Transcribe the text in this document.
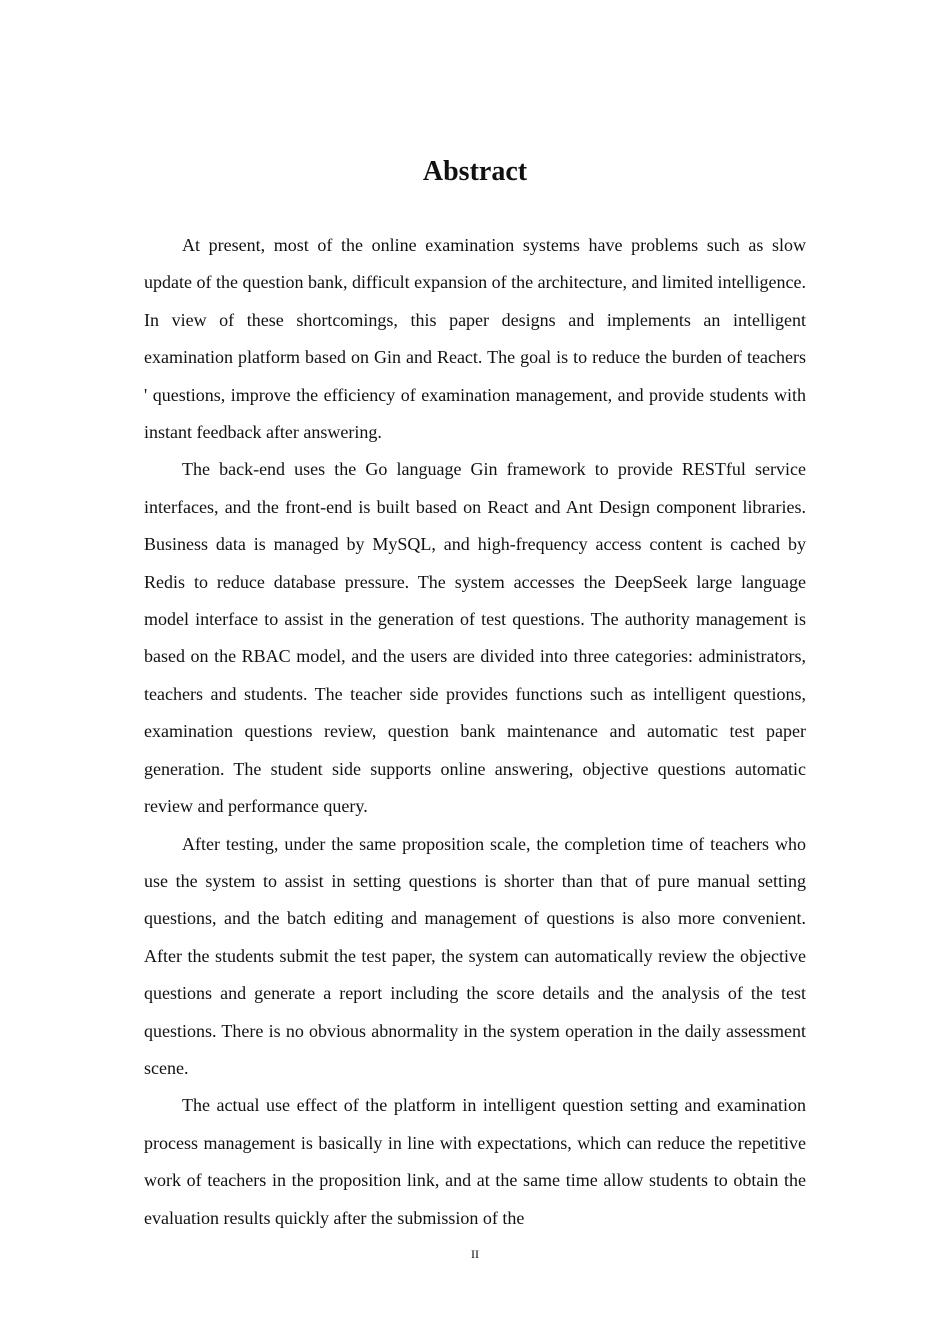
Abstract

At present, most of the online examination systems have problems such as slow update of the question bank, difficult expansion of the architecture, and limited intelligence. In view of these shortcomings, this paper designs and implements an intelligent examination platform based on Gin and React. The goal is to reduce the burden of teachers ' questions, improve the efficiency of examination management, and provide students with instant feedback after answering.

The back-end uses the Go language Gin framework to provide RESTful service interfaces, and the front-end is built based on React and Ant Design component libraries. Business data is managed by MySQL, and high-frequency access content is cached by Redis to reduce database pressure. The system accesses the DeepSeek large language model interface to assist in the generation of test questions. The authority management is based on the RBAC model, and the users are divided into three categories: administrators, teachers and students. The teacher side provides functions such as intelligent questions, examination questions review, question bank maintenance and automatic test paper generation. The student side supports online answering, objective questions automatic review and performance query.

After testing, under the same proposition scale, the completion time of teachers who use the system to assist in setting questions is shorter than that of pure manual setting questions, and the batch editing and management of questions is also more convenient. After the students submit the test paper, the system can automatically review the objective questions and generate a report including the score details and the analysis of the test questions. There is no obvious abnormality in the system operation in the daily assessment scene.

The actual use effect of the platform in intelligent question setting and examination process management is basically in line with expectations, which can reduce the repetitive work of teachers in the proposition link, and at the same time allow students to obtain the evaluation results quickly after the submission of the

II
